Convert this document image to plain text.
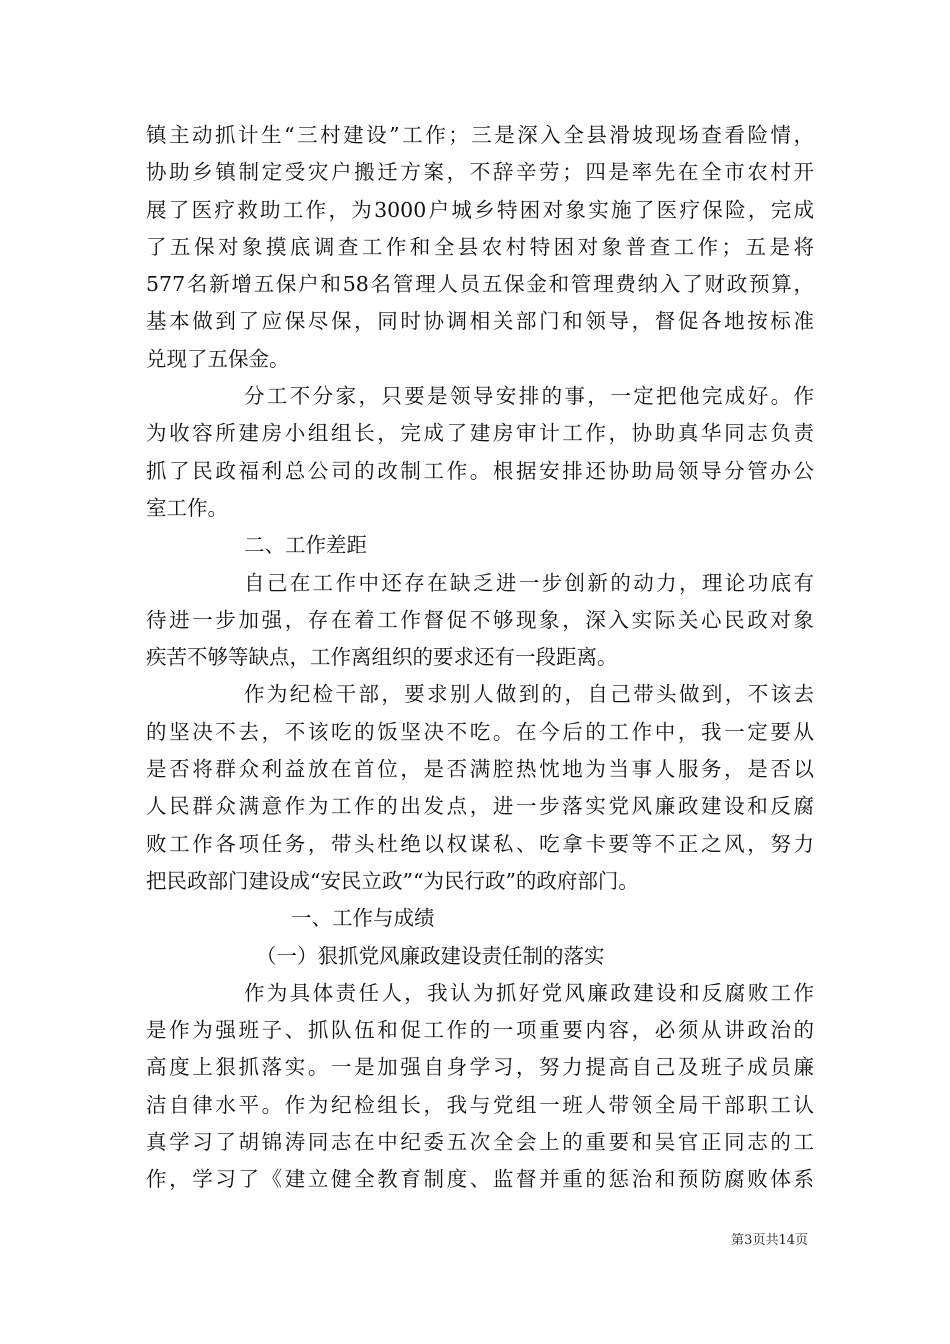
镇主动抓计生“三村建设”工作；三是深入全县滑坡现场查看险情，
协助乡镇制定受灾户搬迁方案，不辞辛劳；四是率先在全市农村开
展了医疗救助工作，为3000户城乡特困对象实施了医疗保险，完成
了五保对象摸底调查工作和全县农村特困对象普查工作；五是将
577名新增五保户和58名管理人员五保金和管理费纳入了财政预算，
基本做到了应保尽保，同时协调相关部门和领导，督促各地按标准
兑现了五保金。
分工不分家，只要是领导安排的事，一定把他完成好。作
为收容所建房小组组长，完成了建房审计工作，协助真华同志负责
抓了民政福利总公司的改制工作。根据安排还协助局领导分管办公
室工作。
二、工作差距
自己在工作中还存在缺乏进一步创新的动力，理论功底有
待进一步加强，存在着工作督促不够现象，深入实际关心民政对象
疾苦不够等缺点，工作离组织的要求还有一段距离。
作为纪检干部，要求别人做到的，自己带头做到，不该去
的坚决不去，不该吃的饭坚决不吃。在今后的工作中，我一定要从
是否将群众利益放在首位，是否满腔热忱地为当事人服务，是否以
人民群众满意作为工作的出发点，进一步落实党风廉政建设和反腐
败工作各项任务，带头杜绝以权谋私、吃拿卡要等不正之风，努力
把民政部门建设成“安民立政”“为民行政”的政府部门。
一、工作与成绩
（一）狠抓党风廉政建设责任制的落实
作为具体责任人，我认为抓好党风廉政建设和反腐败工作
是作为强班子、抓队伍和促工作的一项重要内容，必须从讲政治的
高度上狠抓落实。一是加强自身学习，努力提高自己及班子成员廉
洁自律水平。作为纪检组长，我与党组一班人带领全局干部职工认
真学习了胡锦涛同志在中纪委五次全会上的重要和吴官正同志的工
作，学习了《建立健全教育制度、监督并重的惩治和预防腐败体系
第3页共14页
